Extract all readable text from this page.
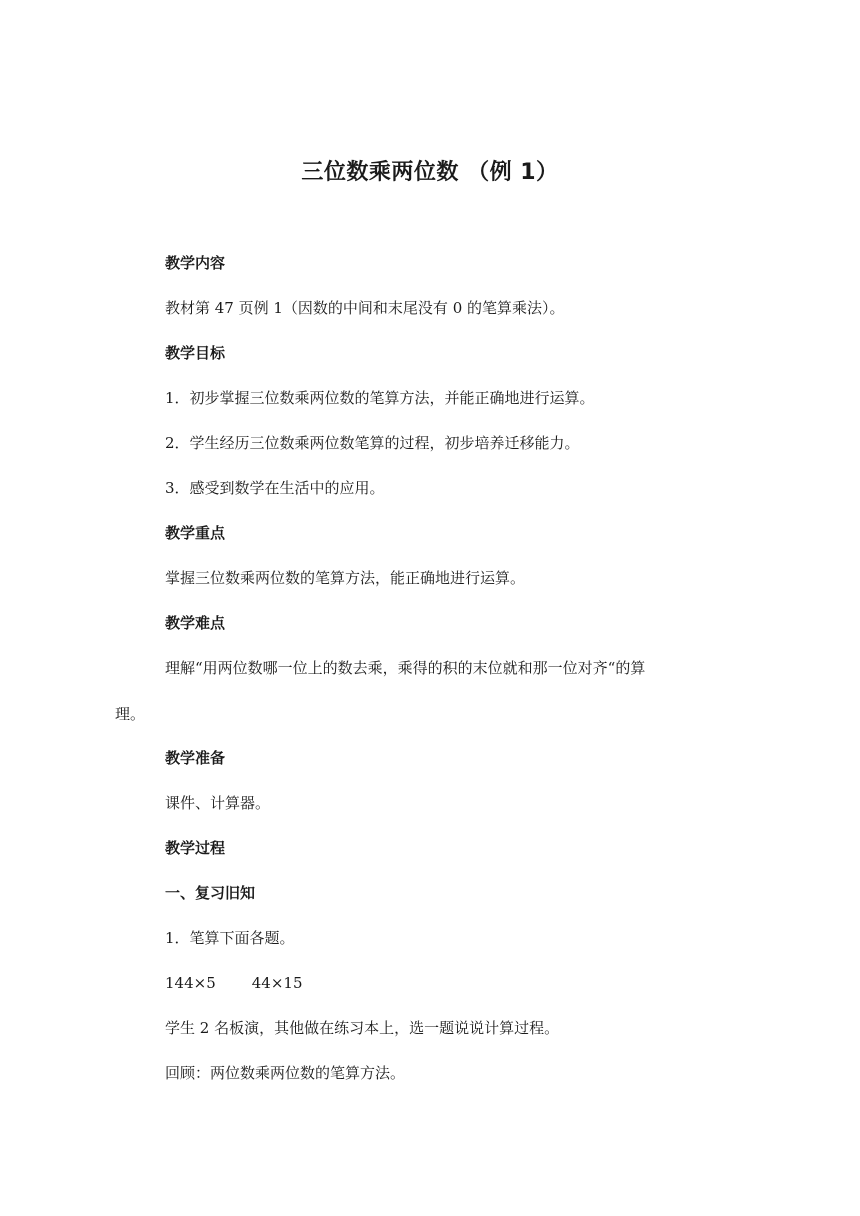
三位数乘两位数 （例 1）
教学内容
教材第 47 页例 1（因数的中间和末尾没有 0 的笔算乘法）。
教学目标
1．初步掌握三位数乘两位数的笔算方法，并能正确地进行运算。
2．学生经历三位数乘两位数笔算的过程，初步培养迁移能力。
3．感受到数学在生活中的应用。
教学重点
掌握三位数乘两位数的笔算方法，能正确地进行运算。
教学难点
理解“用两位数哪一位上的数去乘，乘得的积的末位就和那一位对齐“的算
理。
教学准备
课件、计算器。
教学过程
一、复习旧知
1．笔算下面各题。
144×5 44×15
学生 2 名板演，其他做在练习本上，选一题说说计算过程。
回顾：两位数乘两位数的笔算方法。
